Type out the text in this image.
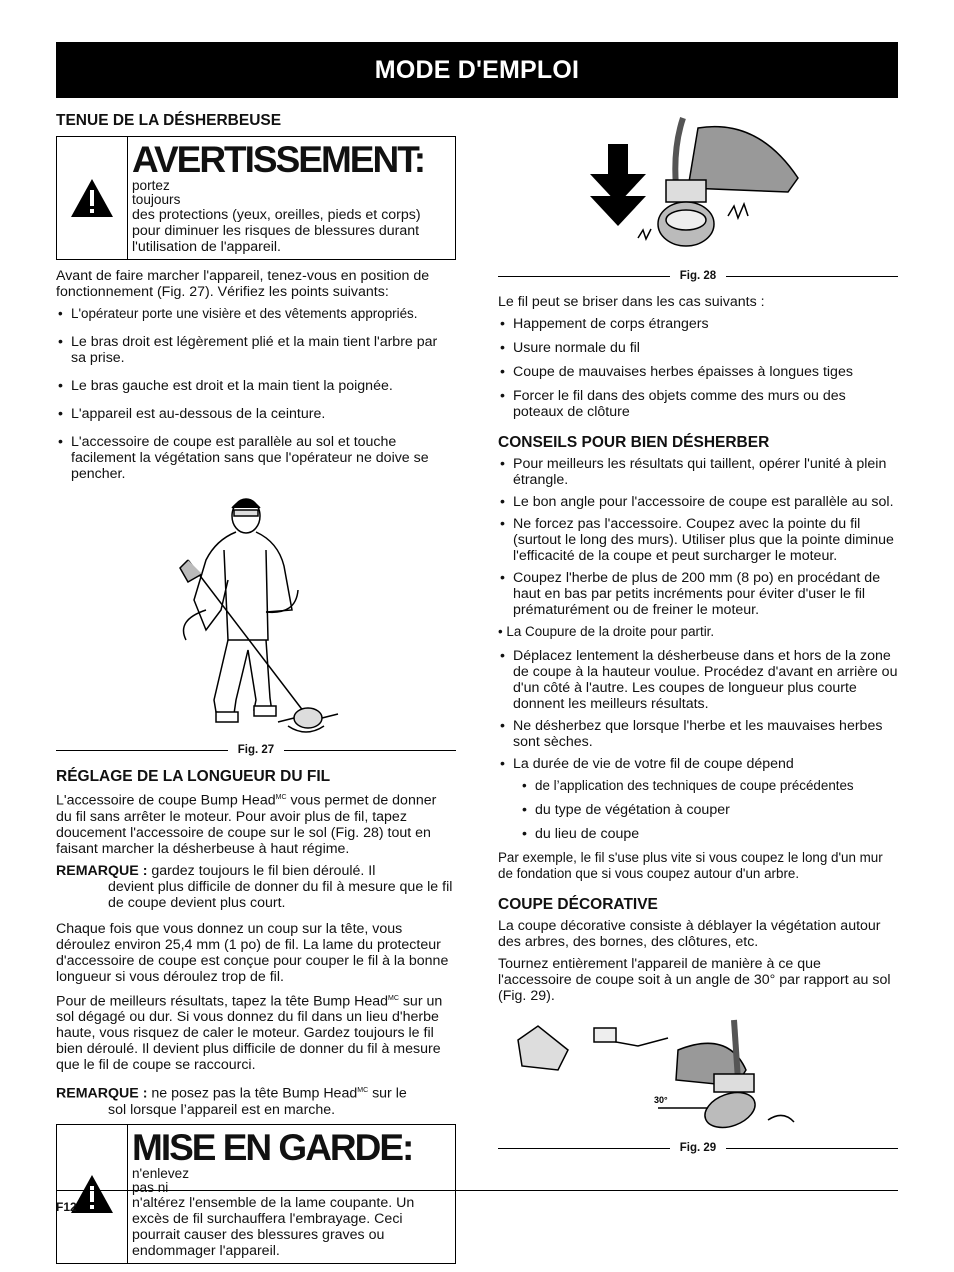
MODE D'EMPLOI
TENUE DE LA DÉSHERBEUSE
AVERTISSEMENT:
portez toujours
des protections (yeux, oreilles, pieds et corps) pour diminuer les risques de blessures durant l'utilisation de l'appareil.

Avant de faire marcher l'appareil, tenez-vous en position de fonctionnement (Fig. 27). Vérifiez les points suivants:

• L'opérateur porte une visière et des vêtements appropriés.
• Le bras droit est légèrement plié et la main tient l'arbre par sa prise.
• Le bras gauche est droit et la main tient la poignée.
• L'appareil est au-dessous de la ceinture.
• L'accessoire de coupe est parallèle au sol et touche facilement la végétation sans que l'opérateur ne doive se pencher.
Fig. 27
RÉGLAGE DE LA LONGUEUR DU FIL

L'accessoire de coupe Bump Head$^{MC}$ vous permet de donner du fil sans arrêter le moteur. Pour avoir plus de fil, tapez doucement l'accessoire de coupe sur le sol (Fig. 28) tout en faisant marcher la désherbeuse à haut régime.

REMARQUE : gardez toujours le fil bien déroulé. Il
devient plus difficile de donner du fil à mesure que le fil de coupe devient plus court.

Chaque fois que vous donnez un coup sur la tête, vous déroulez environ 25,4 mm (1 po) de fil. La lame du protecteur d'accessoire de coupe est conçue pour couper le fil à la bonne longueur si vous déroulez trop de fil.

Pour de meilleurs résultats, tapez la tête Bump Head$^{MC}$ sur un sol dégagé ou dur. Si vous donnez du fil dans un lieu d'herbe haute, vous risquez de caler le moteur. Gardez toujours le fil bien déroulé. Il devient plus difficile de donner du fil à mesure que le fil de coupe se raccourci.

REMARQUE : ne posez pas la tête Bump Head$^{MC}$ sur le
sol lorsque l’appareil est en marche.

MISE EN GARDE:
n'enlevez pas ni
n'altérez l'ensemble de la lame coupante. Un excès de fil surchauffera l'embrayage. Ceci pourrait causer des blessures graves ou endommager l'appareil.
Fig. 28

Le fil peut se briser dans les cas suivants :

• Happement de corps étrangers
• Usure normale du fil
• Coupe de mauvaises herbes épaisses à longues tiges
• Forcer le fil dans des objets comme des murs ou des poteaux de clôture
CONSEILS POUR BIEN DÉSHERBER
• Pour meilleurs les résultats qui taillent, opérer l'unité à plein étrangle.
• Le bon angle pour l'accessoire de coupe est parallèle au sol.
• Ne forcez pas l'accessoire. Coupez avec la pointe du fil (surtout le long des murs). Utiliser plus que la pointe diminue l'efficacité de la coupe et peut surcharger le moteur.
• Coupez l'herbe de plus de 200 mm (8 po) en procédant de haut en bas par petits incréments pour éviter d'user le fil prématurément ou de freiner le moteur.

• La Coupure de la droite pour partir.

• Déplacez lentement la désherbeuse dans et hors de la zone de coupe à la hauteur voulue. Procédez d'avant en arrière ou d'un côté à l'autre. Les coupes de longueur plus courte donnent les meilleurs résultats.
• Ne désherbez que lorsque l'herbe et les mauvaises herbes sont sèches.
• La durée de vie de votre fil de coupe dépend
• de l’application des techniques de coupe précédentes
• du type de végétation à couper
• du lieu de coupe

Par exemple, le fil s'use plus vite si vous coupez le long d'un mur de fondation que si vous coupez autour d'un arbre.

COUPE DÉCORATIVE

La coupe décorative consiste à déblayer la végétation autour des arbres, des bornes, des clôtures, etc.

Tournez entièrement l'appareil de manière à ce que l'accessoire de coupe soit à un angle de 30° par rapport au sol (Fig. 29).

30°
Fig. 29
F12
